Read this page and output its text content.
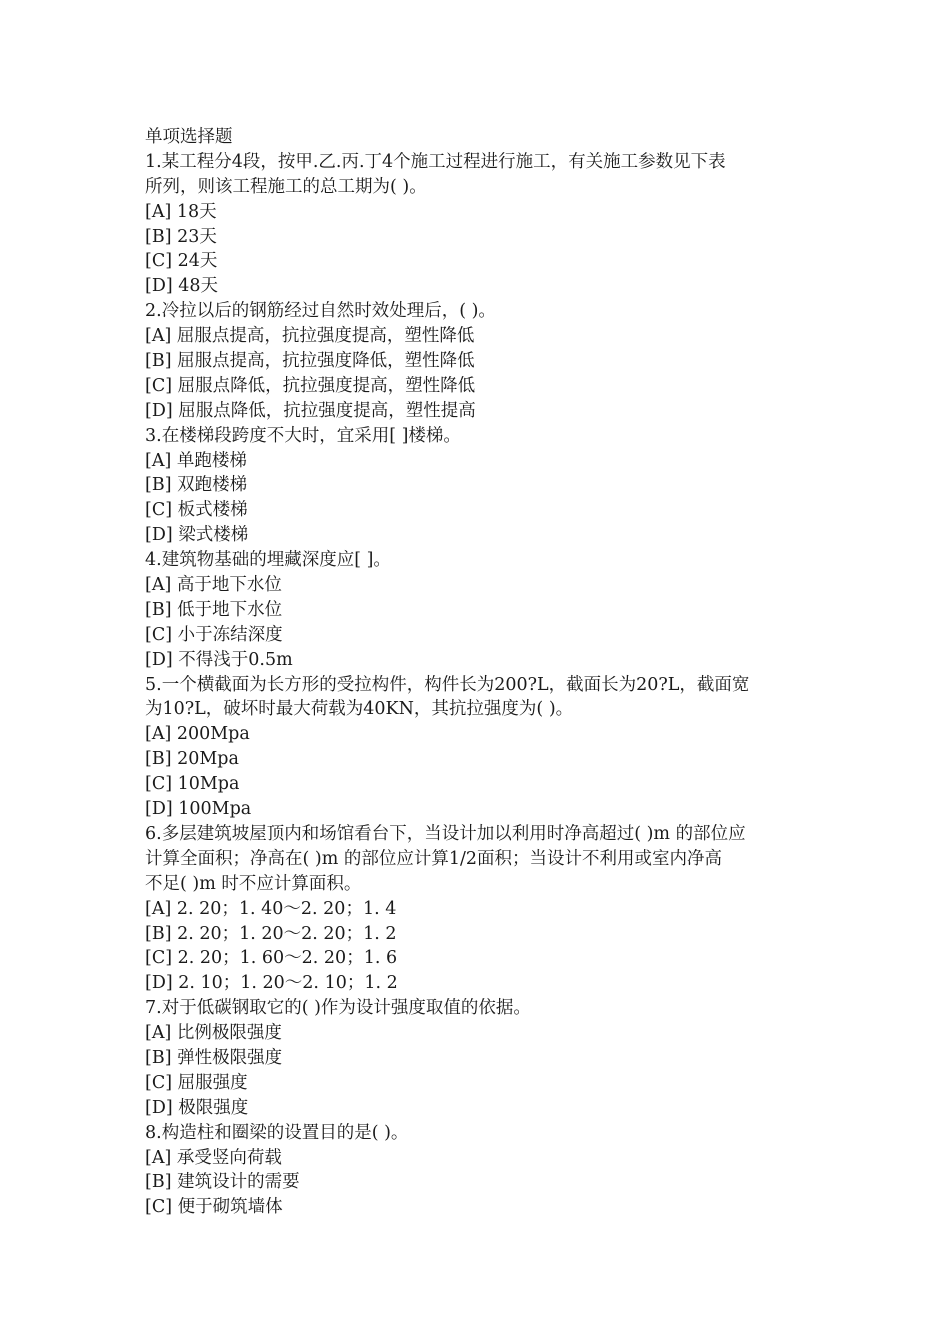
单项选择题
1.某工程分4段，按甲.乙.丙.丁4个施工过程进行施工，有关施工参数见下表
所列，则该工程施工的总工期为( )。
[A] 18天
[B] 23天
[C] 24天
[D] 48天
2.冷拉以后的钢筋经过自然时效处理后，( )。
[A] 屈服点提高，抗拉强度提高，塑性降低
[B] 屈服点提高，抗拉强度降低，塑性降低
[C] 屈服点降低，抗拉强度提高，塑性降低
[D] 屈服点降低，抗拉强度提高，塑性提高
3.在楼梯段跨度不大时，宜采用[ ]楼梯。
[A] 单跑楼梯
[B] 双跑楼梯
[C] 板式楼梯
[D] 梁式楼梯
4.建筑物基础的埋藏深度应[ ]。
[A] 高于地下水位
[B] 低于地下水位
[C] 小于冻结深度
[D] 不得浅于0.5m
5.一个横截面为长方形的受拉构件，构件长为200?L，截面长为20?L，截面宽
为10?L，破坏时最大荷载为40KN，其抗拉强度为( )。
[A] 200Mpa
[B] 20Mpa
[C] 10Mpa
[D] 100Mpa
6.多层建筑坡屋顶内和场馆看台下，当设计加以利用时净高超过( )m 的部位应
计算全面积；净高在( )m 的部位应计算1/2面积；当设计不利用或室内净高
不足( )m 时不应计算面积。
[A] 2. 20；1. 40～2. 20；1. 4
[B] 2. 20；1. 20～2. 20；1. 2
[C] 2. 20；1. 60～2. 20；1. 6
[D] 2. 10；1. 20～2. 10；1. 2
7.对于低碳钢取它的( )作为设计强度取值的依据。
[A] 比例极限强度
[B] 弹性极限强度
[C] 屈服强度
[D] 极限强度
8.构造柱和圈梁的设置目的是( )。
[A] 承受竖向荷载
[B] 建筑设计的需要
[C] 便于砌筑墙体
